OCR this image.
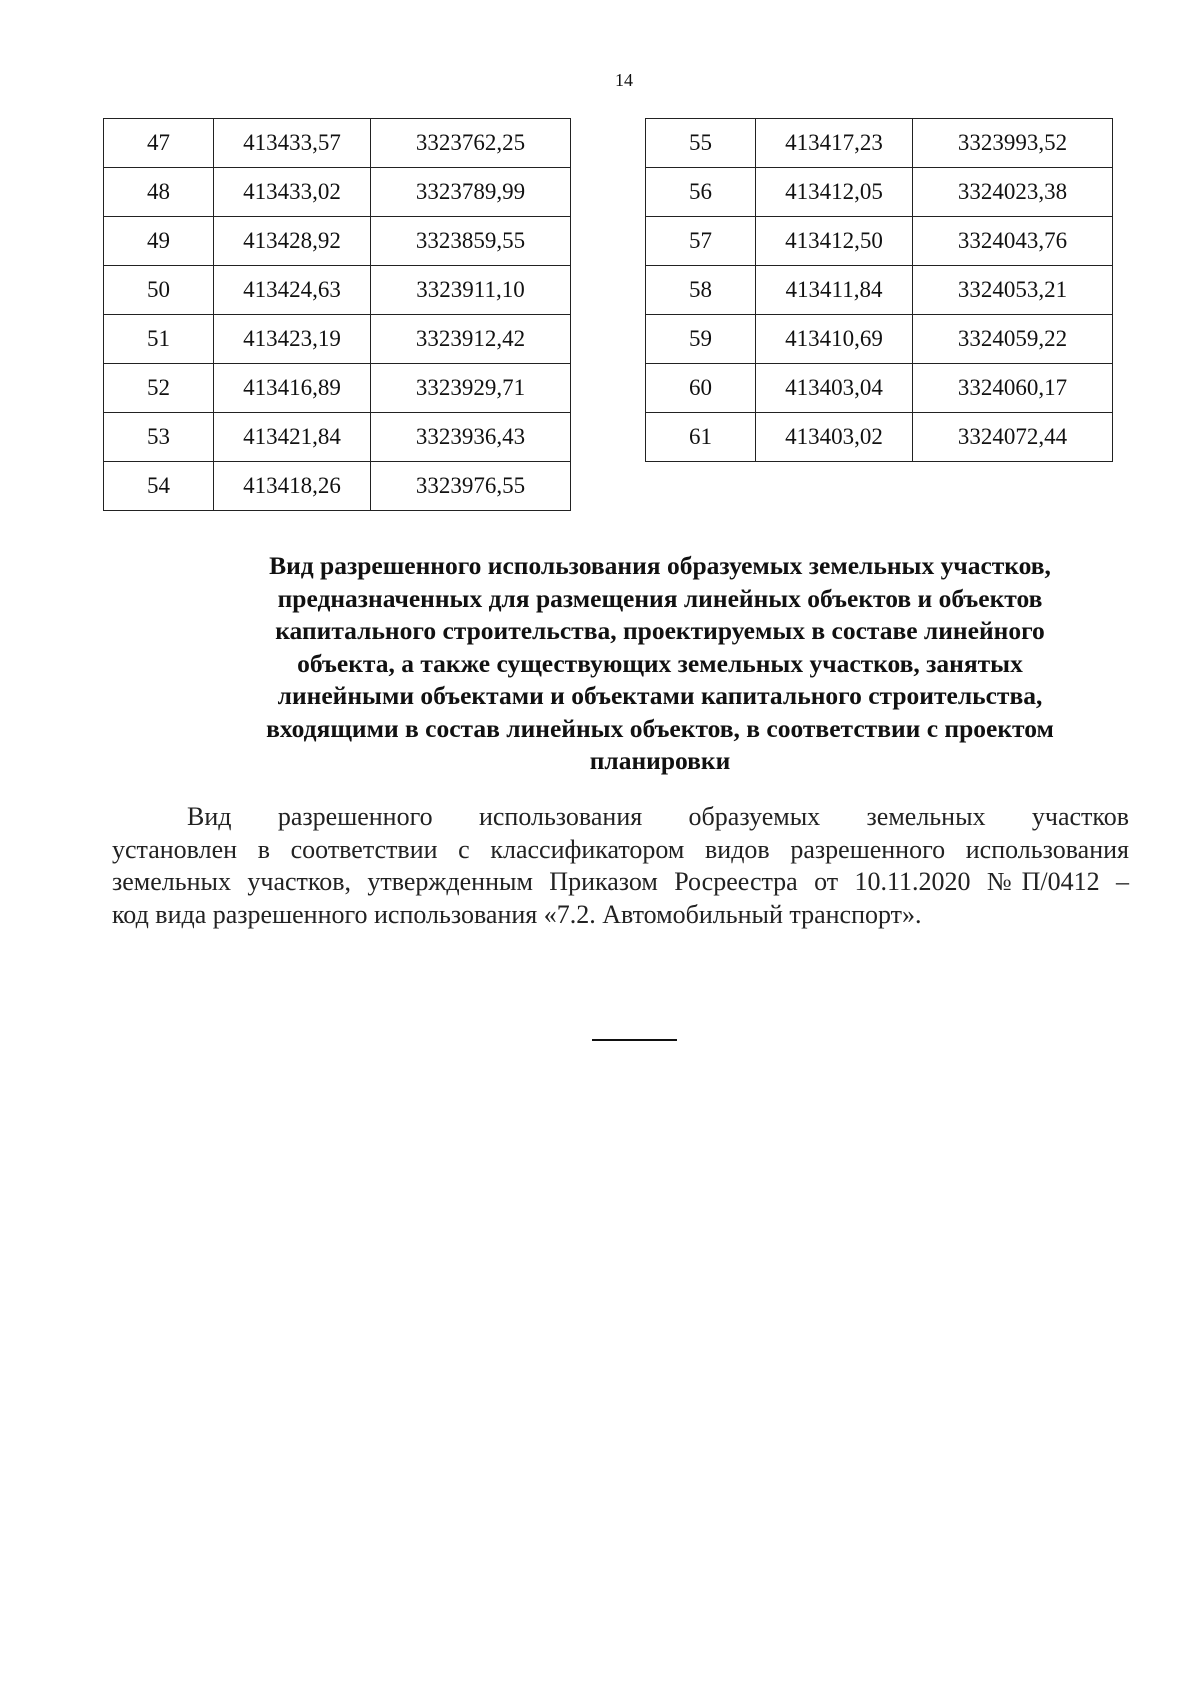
14
47	413433,57	3323762,25
48	413433,02	3323789,99
49	413428,92	3323859,55
50	413424,63	3323911,10
51	413423,19	3323912,42
52	413416,89	3323929,71
53	413421,84	3323936,43
54	413418,26	3323976,55
55	413417,23	3323993,52
56	413412,05	3324023,38
57	413412,50	3324043,76
58	413411,84	3324053,21
59	413410,69	3324059,22
60	413403,04	3324060,17
61	413403,02	3324072,44
Вид разрешенного использования образуемых земельных участков,
предназначенных для размещения линейных объектов и объектов
капитального строительства, проектируемых в составе линейного
объекта, а также существующих земельных участков, занятых
линейными объектами и объектами капитального строительства,
входящими в состав линейных объектов, в соответствии с проектом
планировки

Вид разрешенного использования образуемых земельных участков
установлен в соответствии с классификатором видов разрешенного использования
земельных участков, утвержденным Приказом Росреестра от 10.11.2020 №П/0412 –
код вида разрешенного использования «7.2. Автомобильный транспорт».
